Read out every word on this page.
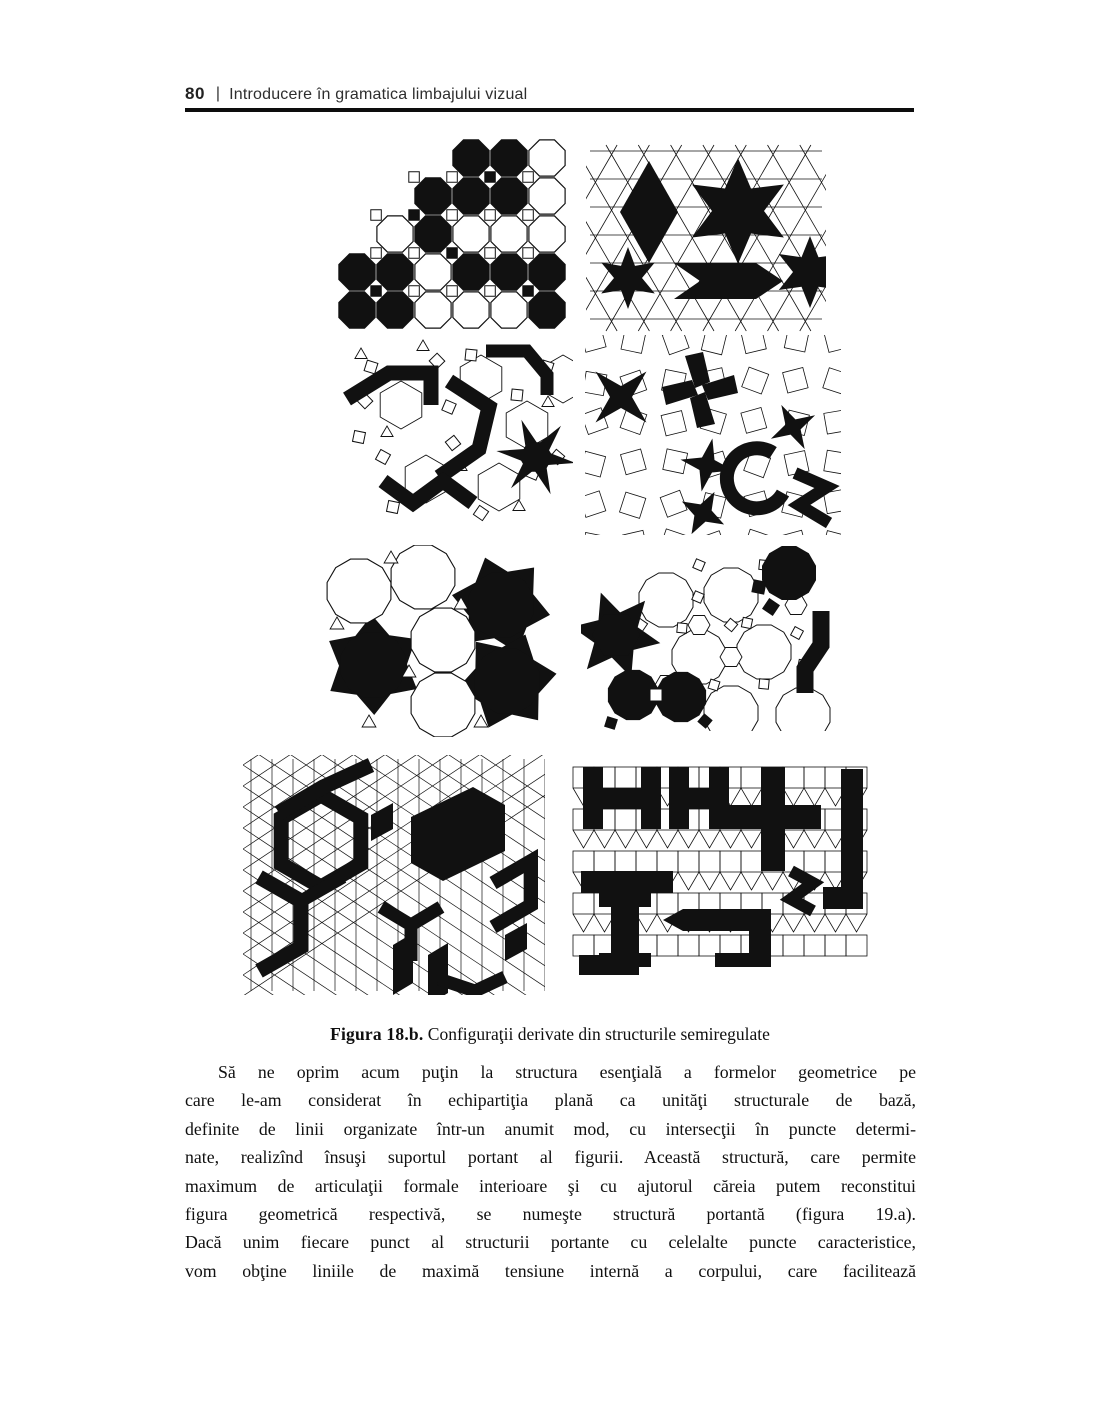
80 | Introducere în gramatica limbajului vizual

Figura 18.b. Configuraţii derivate din structurile semiregulate

Să ne oprim acum puţin la structura esenţială a formelor geometrice pe
care le-am considerat în echipartiţia plană ca unităţi structurale de bază,
definite de linii organizate într-un anumit mod, cu intersecţii în puncte determi-
nate, realizînd însuşi suportul portant al figurii. Această structură, care permite
maximum de articulaţii formale interioare şi cu ajutorul căreia putem reconstitui
figura geometrică respectivă, se numeşte structură portantă (figura 19.a).
Dacă unim fiecare punct al structurii portante cu celelalte puncte caracteristice,
vom obţine liniile de maximă tensiune internă a corpului, care facilitează
